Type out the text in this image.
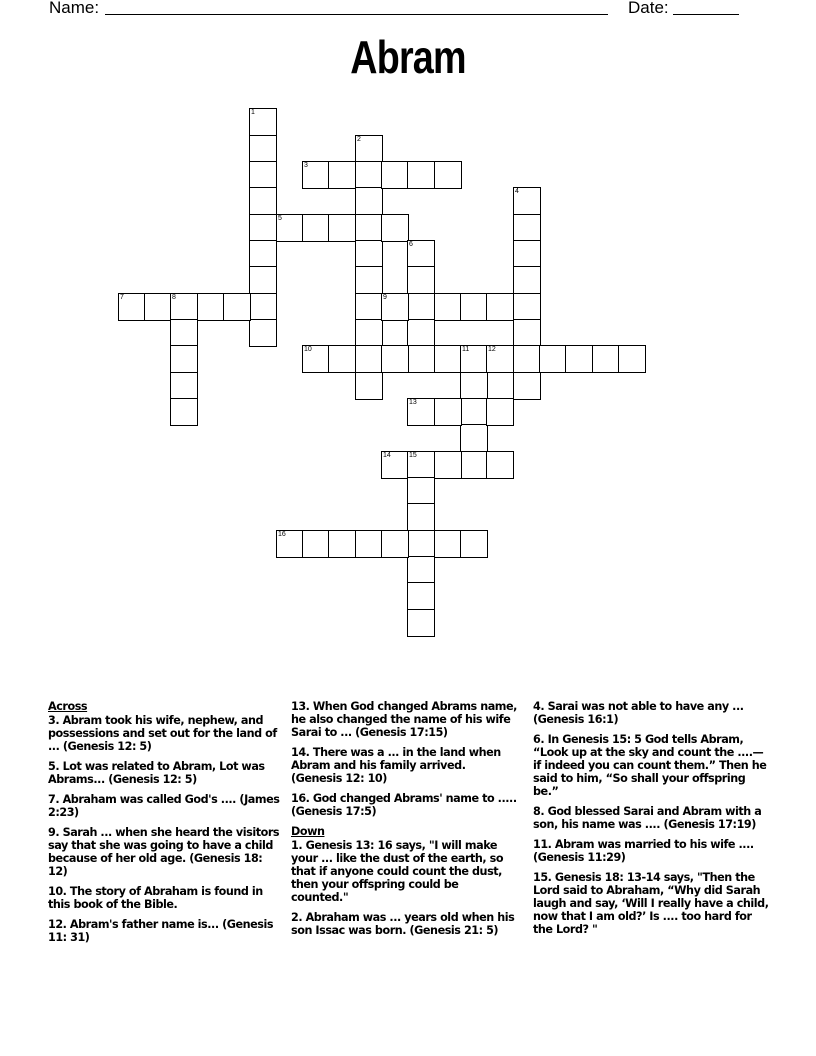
Name:	Date:
Abram
1
2
3
4
5
6
7	8	9
10	11	12
13
14	15
16
Across
3. Abram took his wife, nephew, and possessions and set out for the land of ... (Genesis 12: 5)
5. Lot was related to Abram, Lot was Abrams... (Genesis 12: 5)
7. Abraham was called God's .... (James 2:23)
9. Sarah ... when she heard the visitors say that she was going to have a child because of her old age. (Genesis 18: 12)
10. The story of Abraham is found in this book of the Bible.
12. Abram's father name is... (Genesis 11: 31)
13. When God changed Abrams name, he also changed the name of his wife Sarai to ... (Genesis 17:15)
14. There was a ... in the land when Abram and his family arrived. (Genesis 12: 10)
16. God changed Abrams' name to ..... (Genesis 17:5)
Down
1. Genesis 13: 16 says, "I will make your ... like the dust of the earth, so that if anyone could count the dust, then your offspring could be counted."
2. Abraham was ... years old when his son Issac was born. (Genesis 21: 5)
4. Sarai was not able to have any ... (Genesis 16:1)
6. In Genesis 15: 5 God tells Abram, “Look up at the sky and count the ....—if indeed you can count them.” Then he said to him, “So shall your offspring be.”
8. God blessed Sarai and Abram with a son, his name was .... (Genesis 17:19)
11. Abram was married to his wife .... (Genesis 11:29)
15. Genesis 18: 13-14 says, "Then the Lord said to Abraham, “Why did Sarah laugh and say, ‘Will I really have a child, now that I am old?’ Is .... too hard for the Lord? "
